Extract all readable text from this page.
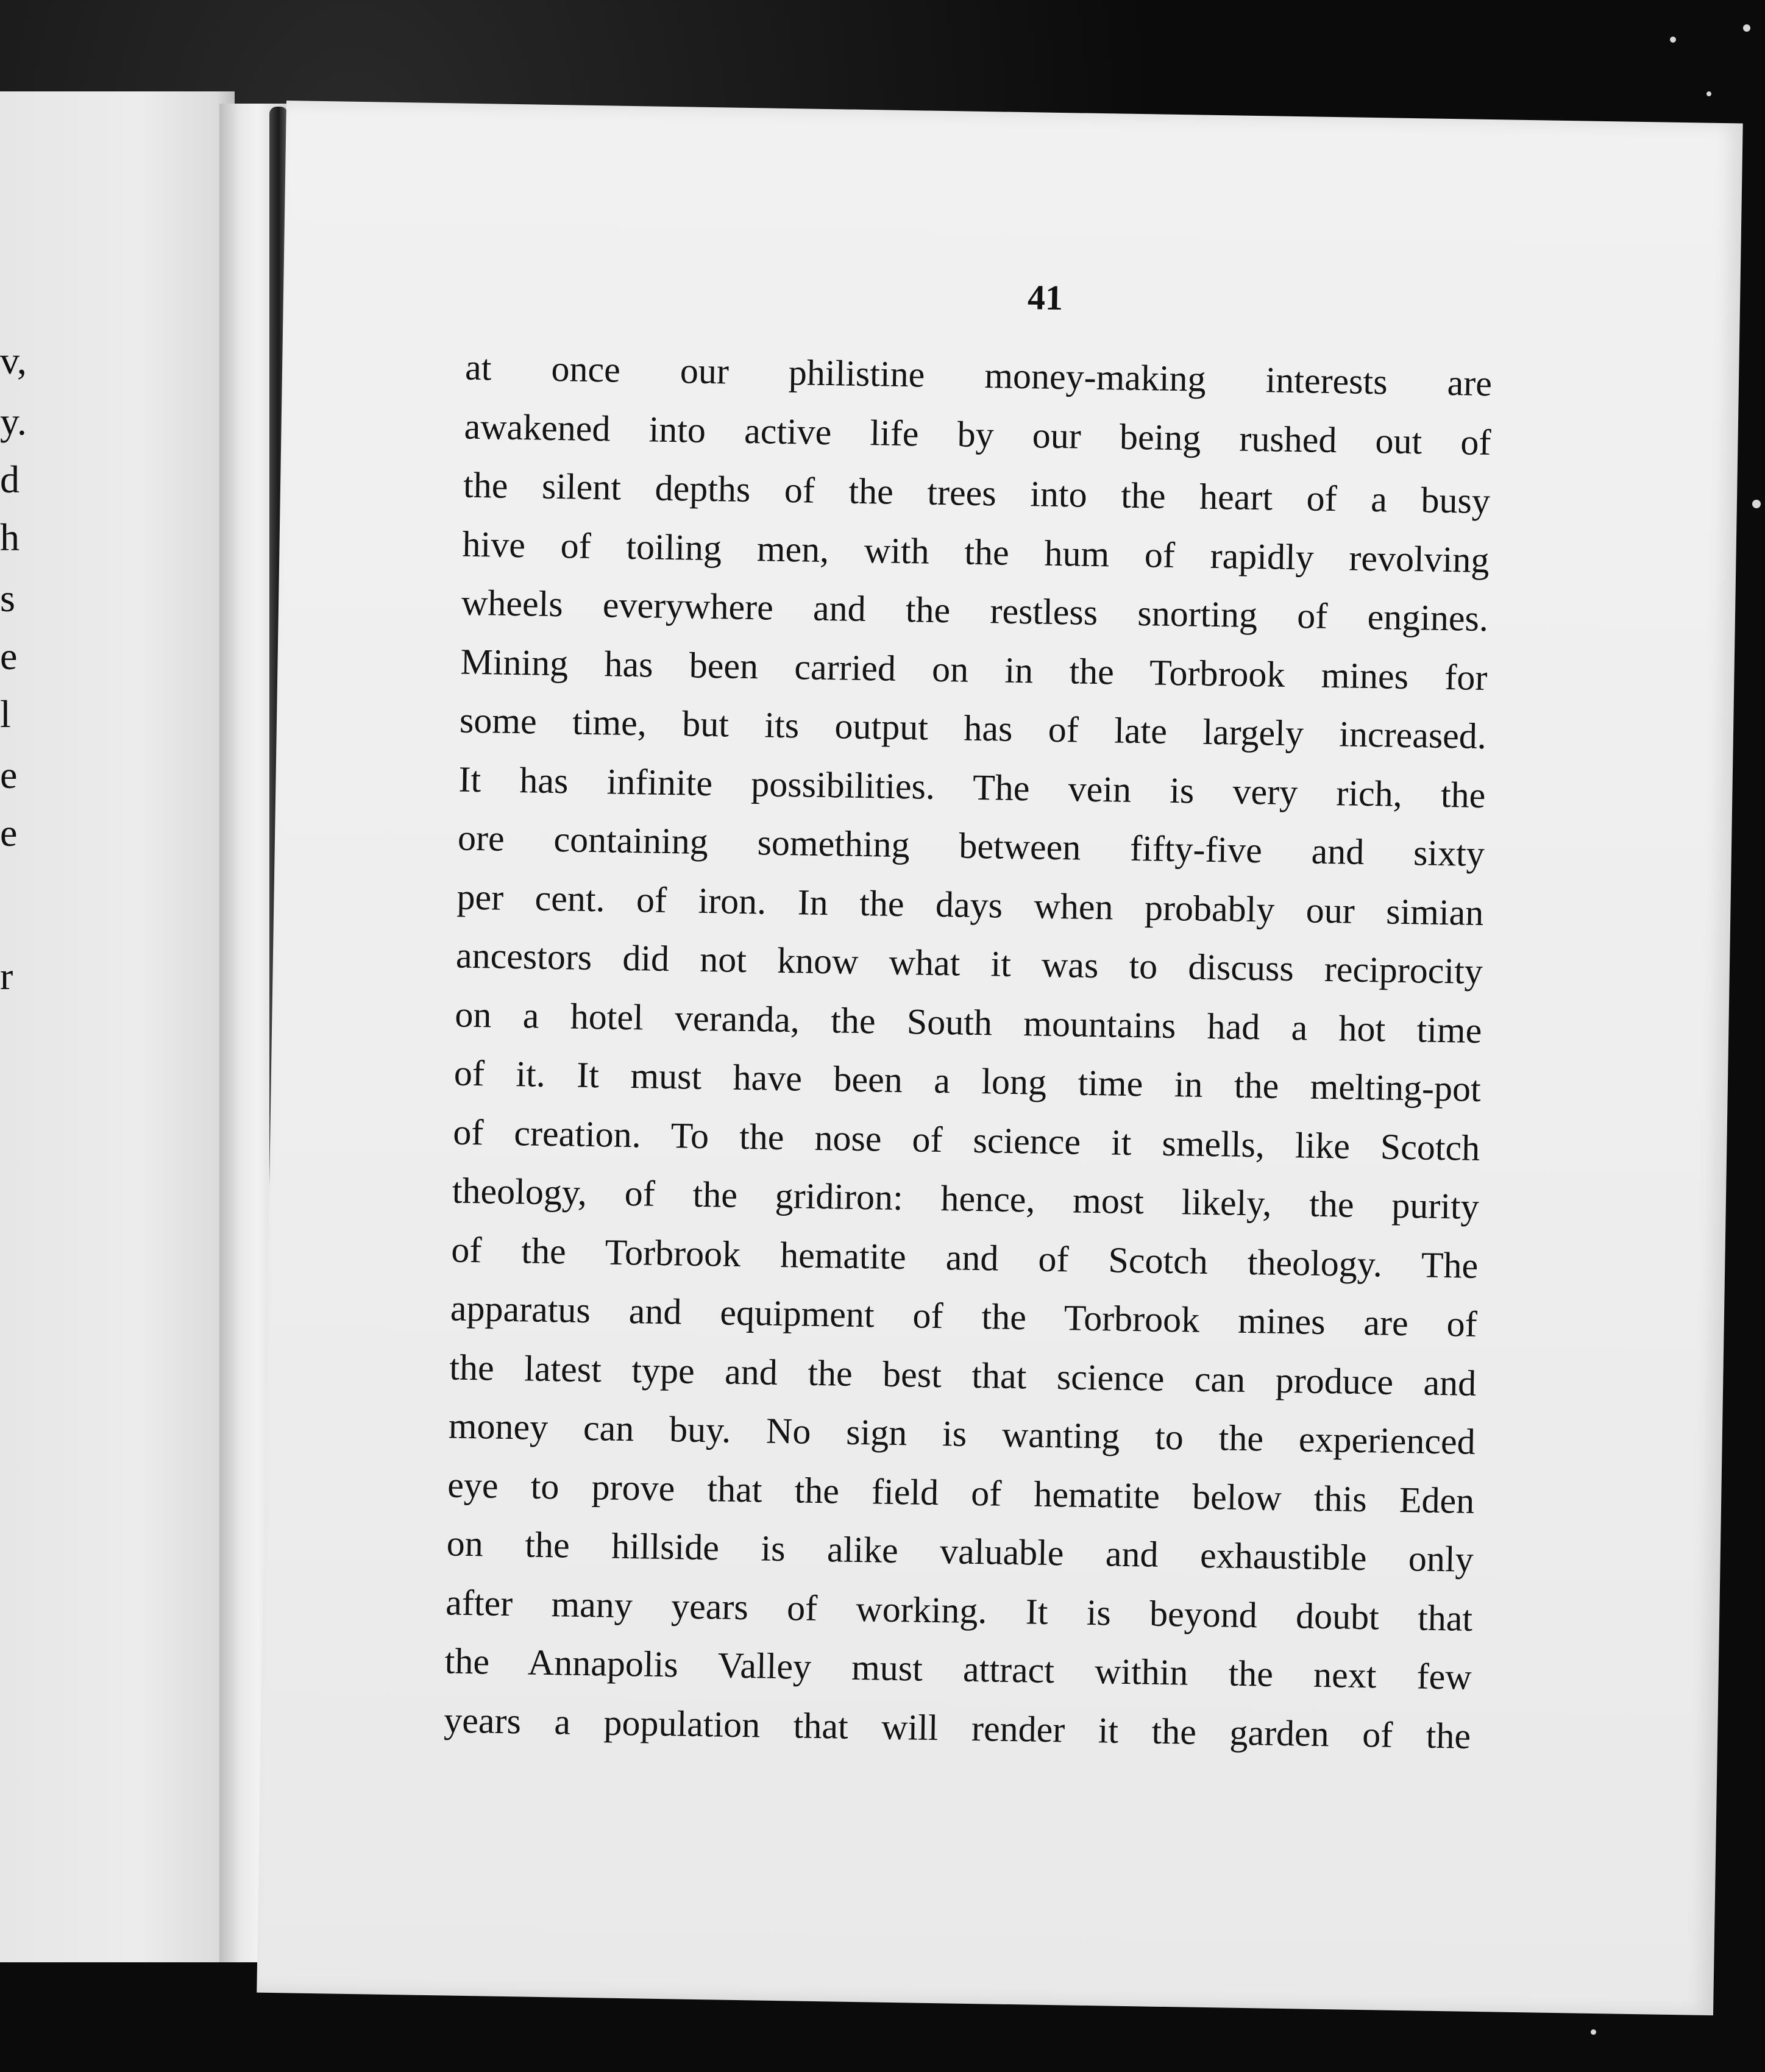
v,
y.
d
h
s
e
l
e
e
r
41

at once our philistine money-making interests are
awakened into active life by our being rushed out of
the silent depths of the trees into the heart of a busy
hive of toiling men, with the hum of rapidly revolving
wheels everywhere and the restless snorting of engines.
Mining has been carried on in the Torbrook mines for
some time, but its output has of late largely increased.
It has infinite possibilities. The vein is very rich, the
ore containing something between fifty-five and sixty
per cent. of iron. In the days when probably our simian
ancestors did not know what it was to discuss reciprocity
on a hotel veranda, the South mountains had a hot time
of it. It must have been a long time in the melting-pot
of creation. To the nose of science it smells, like Scotch
theology, of the gridiron: hence, most likely, the purity
of the Torbrook hematite and of Scotch theology. The
apparatus and equipment of the Torbrook mines are of
the latest type and the best that science can produce and
money can buy. No sign is wanting to the experienced
eye to prove that the field of hematite below this Eden
on the hillside is alike valuable and exhaustible only
after many years of working. It is beyond doubt that
the Annapolis Valley must attract within the next few
years a population that will render it the garden of the
